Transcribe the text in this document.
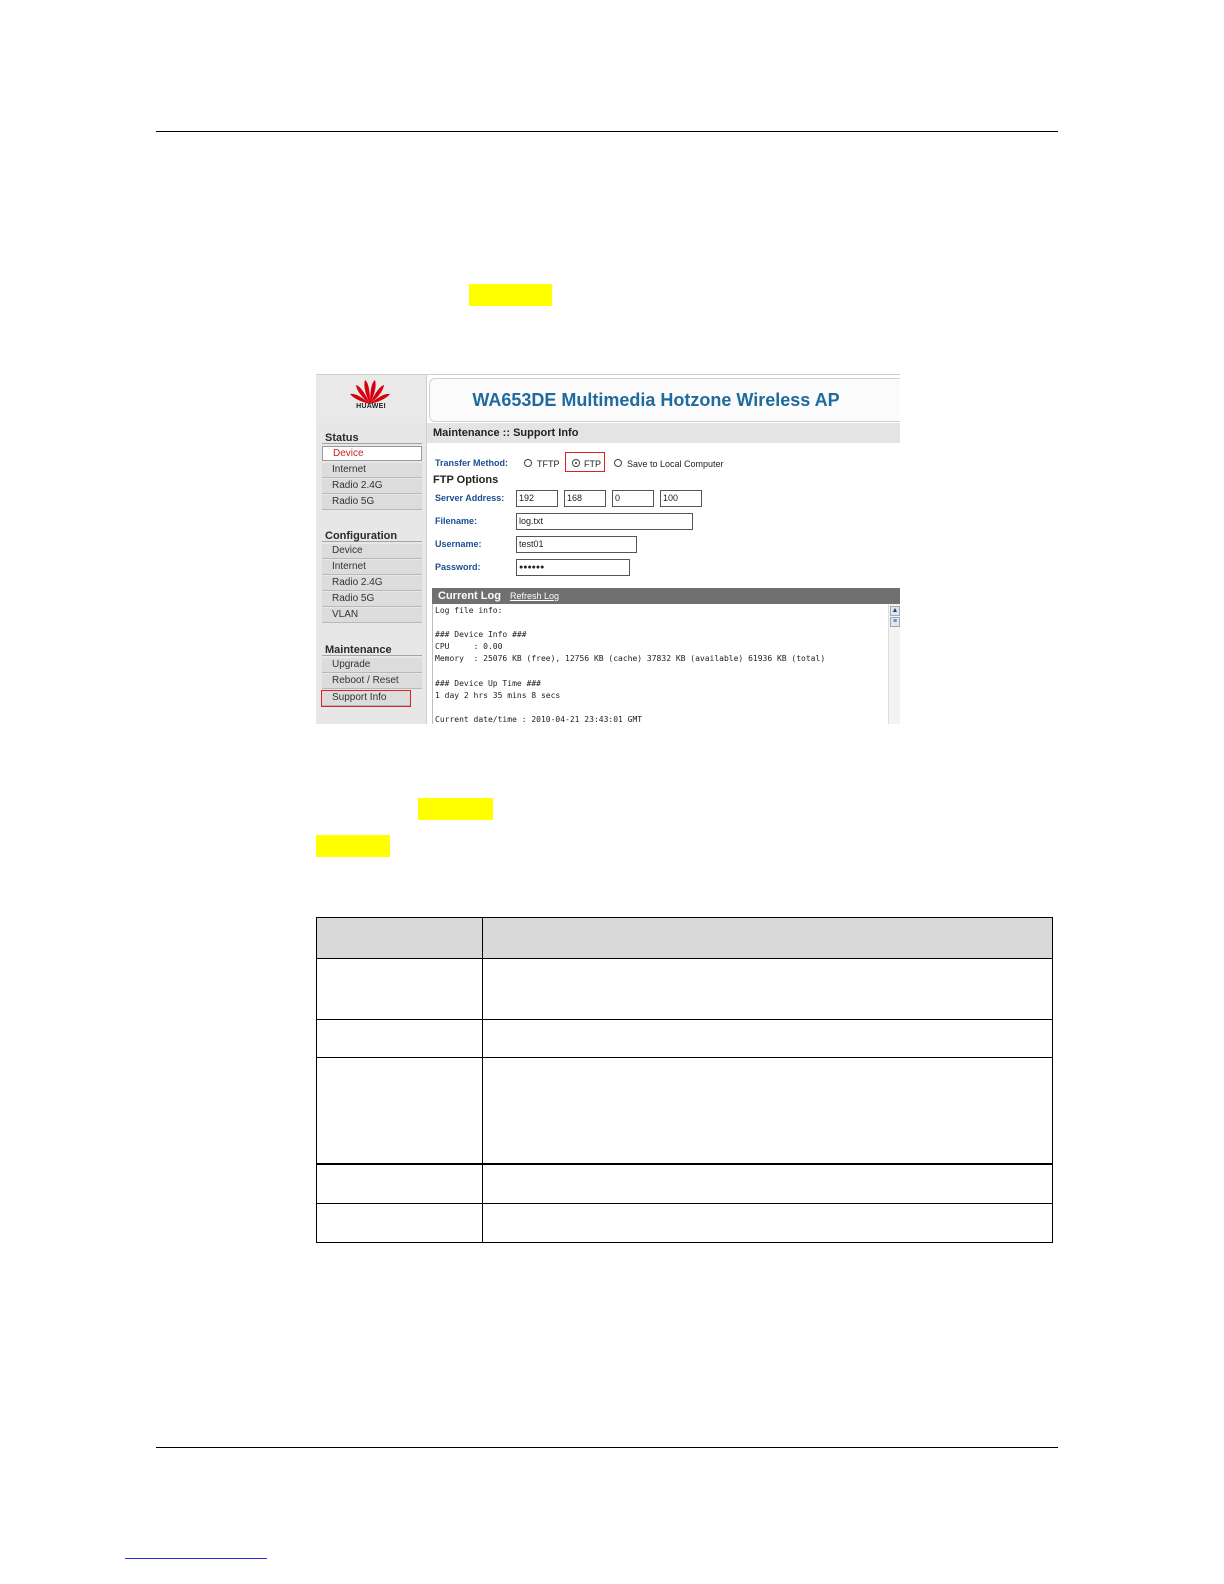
HUAWEI
Status
Device
Internet
Radio 2.4G
Radio 5G
Configuration
Device
Internet
Radio 2.4G
Radio 5G
VLAN
Maintenance
Upgrade
Reboot / Reset
Support Info
WA653DE Multimedia Hotzone Wireless AP
Maintenance :: Support Info
Transfer Method:	TFTP	FTP	Save to Local Computer
FTP Options
Server Address:	192	168	0	100
Filename:	log.txt
Username:	test01
Password:	●●●●●●
Current Log Refresh Log
Log file info:
### Device Info ###
CPU     : 0.00
Memory  : 25076 KB (free), 12756 KB (cache) 37832 KB (available) 61936 KB (total)
### Device Up Time ###
1 day 2 hrs 35 mins 8 secs
Current date/time : 2010-04-21 23:43:01 GMT
▲
≡
